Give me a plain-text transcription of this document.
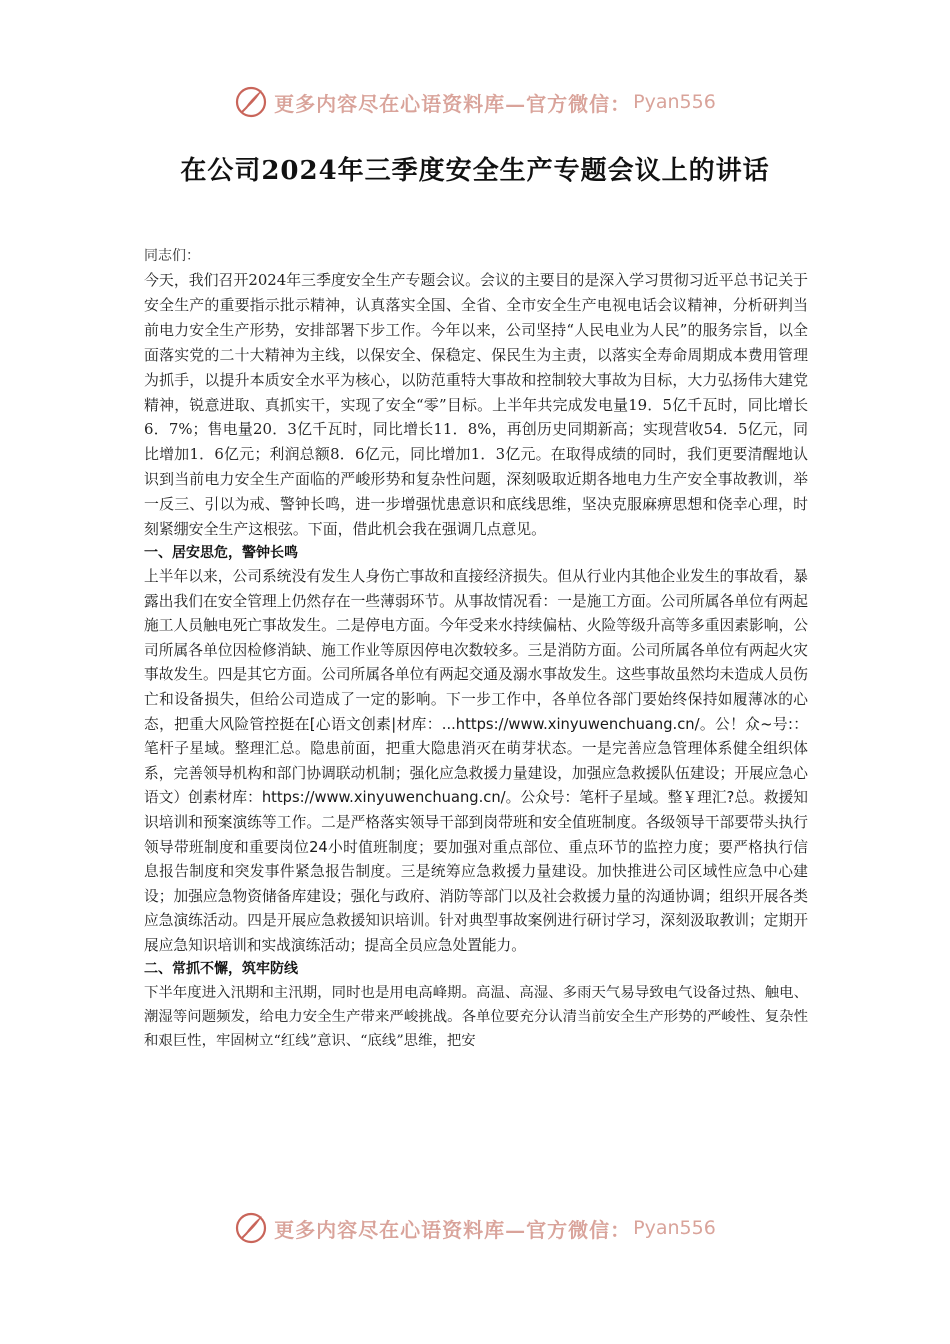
更多内容尽在心语资料库—官方微信： Pyan556
在公司2024年三季度安全生产专题会议上的讲话
同志们：

今天，我们召开2024年三季度安全生产专题会议。会议的主要目的是深入学习贯彻习近平总书记关于安全生产的重要指示批示精神，认真落实全国、全省、全市安全生产电视电话会议精神，分析研判当前电力安全生产形势，安排部署下步工作。今年以来，公司坚持“人民电业为人民”的服务宗旨，以全面落实党的二十大精神为主线，以保安全、保稳定、保民生为主责，以落实全寿命周期成本费用管理为抓手，以提升本质安全水平为核心，以防范重特大事故和控制较大事故为目标，大力弘扬伟大建党精神，锐意进取、真抓实干，实现了安全“零”目标。上半年共完成发电量19．5亿千瓦时，同比增长6．7%；售电量20．3亿千瓦时，同比增长11．8%，再创历史同期新高；实现营收54．5亿元，同比增加1．6亿元；利润总额8．6亿元，同比增加1．3亿元。在取得成绩的同时，我们更要清醒地认识到当前电力安全生产面临的严峻形势和复杂性问题，深刻吸取近期各地电力生产安全事故教训，举一反三、引以为戒、警钟长鸣，进一步增强忧患意识和底线思维，坚决克服麻痹思想和侥幸心理，时刻紧绷安全生产这根弦。下面，借此机会我在强调几点意见。

一、居安思危，警钟长鸣

上半年以来，公司系统没有发生人身伤亡事故和直接经济损失。但从行业内其他企业发生的事故看，暴露出我们在安全管理上仍然存在一些薄弱环节。从事故情况看：一是施工方面。公司所属各单位有两起施工人员触电死亡事故发生。二是停电方面。今年受来水持续偏枯、火险等级升高等多重因素影响，公司所属各单位因检修消缺、施工作业等原因停电次数较多。三是消防方面。公司所属各单位有两起火灾事故发生。四是其它方面。公司所属各单位有两起交通及溺水事故发生。这些事故虽然均未造成人员伤亡和设备损失，但给公司造成了一定的影响。下一步工作中，各单位各部门要始终保持如履薄冰的心态，把重大风险管控挺在[心语文创素|材库：...https://www.xinyuwenchuang.cn/。公！众~号:：笔杆子星域。整理汇总。隐患前面，把重大隐患消灭在萌芽状态。一是完善应急管理体系健全组织体系，完善领导机构和部门协调联动机制；强化应急救援力量建设，加强应急救援队伍建设；开展应急心语文）创素材库：https://www.xinyuwenchuang.cn/。公众号：笔杆子星域。整￥理汇?总。救援知识培训和预案演练等工作。二是严格落实领导干部到岗带班和安全值班制度。各级领导干部要带头执行领导带班制度和重要岗位24小时值班制度；要加强对重点部位、重点环节的监控力度；要严格执行信息报告制度和突发事件紧急报告制度。三是统筹应急救援力量建设。加快推进公司区域性应急中心建设；加强应急物资储备库建设；强化与政府、消防等部门以及社会救援力量的沟通协调；组织开展各类应急演练活动。四是开展应急救援知识培训。针对典型事故案例进行研讨学习，深刻汲取教训；定期开展应急知识培训和实战演练活动；提高全员应急处置能力。

二、常抓不懈，筑牢防线

下半年度进入汛期和主汛期，同时也是用电高峰期。高温、高湿、多雨天气易导致电气设备过热、触电、潮湿等问题频发，给电力安全生产带来严峻挑战。各单位要充分认清当前安全生产形势的严峻性、复杂性和艰巨性，牢固树立“红线”意识、“底线”思维，把安

更多内容尽在心语资料库—官方微信： Pyan556
